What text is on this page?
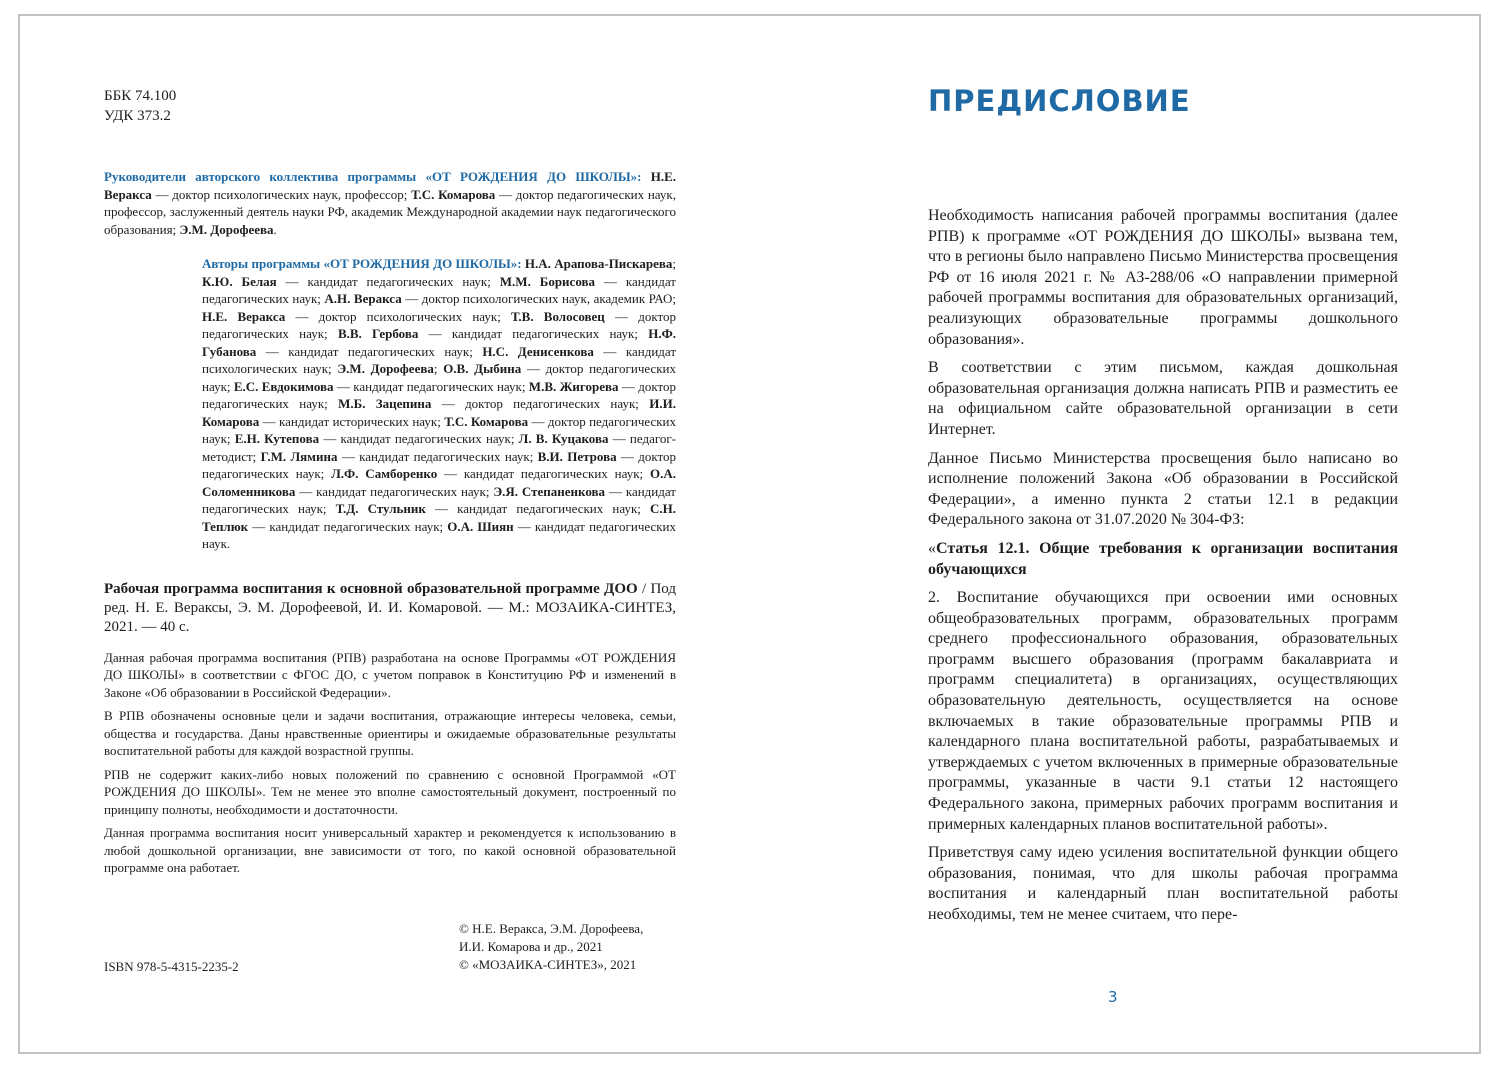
ББК 74.100
УДК 373.2
Руководители авторского коллектива программы «ОТ РОЖДЕНИЯ ДО ШКОЛЫ»: Н.Е. Веракса — доктор психологических наук, профессор; Т.С. Комарова — доктор педагогических наук, профессор, заслуженный деятель науки РФ, академик Международной академии наук педагогического образования; Э.М. Дорофеева.
Авторы программы «ОТ РОЖДЕНИЯ ДО ШКОЛЫ»: Н.А. Арапова-Пискарева; К.Ю. Белая — кандидат педагогических наук; М.М. Борисова — кандидат педагогических наук; А.Н. Веракса — доктор психологических наук, академик РАО; Н.Е. Веракса — доктор психологических наук; Т.В. Волосовец — доктор педагогических наук; В.В. Гербова — кандидат педагогических наук; Н.Ф. Губанова — кандидат педагогических наук; Н.С. Денисенкова — кандидат психологических наук; Э.М. Дорофеева; О.В. Дыбина — доктор педагогических наук; Е.С. Евдокимова — кандидат педагогических наук; М.В. Жигорева — доктор педагогических наук; М.Б. Зацепина — доктор педагогических наук; И.И. Комарова — кандидат исторических наук; Т.С. Комарова — доктор педагогических наук; Е.Н. Кутепова — кандидат педагогических наук; Л. В. Куцакова — педагог-методист; Г.М. Лямина — кандидат педагогических наук; В.И. Петрова — доктор педагогических наук; Л.Ф. Самборенко — кандидат педагогических наук; О.А. Соломенникова — кандидат педагогических наук; Э.Я. Степаненкова — кандидат педагогических наук; Т.Д. Стульник — кандидат педагогических наук; С.Н. Теплюк — кандидат педагогических наук; О.А. Шиян — кандидат педагогических наук.
Рабочая программа воспитания к основной образовательной программе ДОО / Под ред. Н. Е. Вераксы, Э. М. Дорофеевой, И. И. Комаровой. — М.: МОЗАИКА-СИНТЕЗ, 2021. — 40 с.

Данная рабочая программа воспитания (РПВ) разработана на основе Программы «ОТ РОЖДЕНИЯ ДО ШКОЛЫ» в соответствии с ФГОС ДО, с учетом поправок в Конституцию РФ и изменений в Законе «Об образовании в Российской Федерации».

В РПВ обозначены основные цели и задачи воспитания, отражающие интересы человека, семьи, общества и государства. Даны нравственные ориентиры и ожидаемые образовательные результаты воспитательной работы для каждой возрастной группы.

РПВ не содержит каких-либо новых положений по сравнению с основной Программой «ОТ РОЖДЕНИЯ ДО ШКОЛЫ». Тем не менее это вполне самостоятельный документ, построенный по принципу полноты, необходимости и достаточности.

Данная программа воспитания носит универсальный характер и рекомендуется к использованию в любой дошкольной организации, вне зависимости от того, по какой основной образовательной программе она работает.

ISBN 978-5-4315-2235-2
© Н.Е. Веракса, Э.М. Дорофеева,
И.И. Комарова и др., 2021
© «МОЗАИКА-СИНТЕЗ», 2021
ПРЕДИСЛОВИЕ

Необходимость написания рабочей программы воспитания (далее РПВ) к программе «ОТ РОЖДЕНИЯ ДО ШКОЛЫ» вызвана тем, что в регионы было направлено Письмо Министерства просвещения РФ от 16 июля 2021 г. № АЗ-288/06 «О направлении примерной рабочей программы воспитания для образовательных организаций, реализующих образовательные программы дошкольного образования».

В соответствии с этим письмом, каждая дошкольная образовательная организация должна написать РПВ и разместить ее на официальном сайте образовательной организации в сети Интернет.

Данное Письмо Министерства просвещения было написано во исполнение положений Закона «Об образовании в Российской Федерации», а именно пункта 2 статьи 12.1 в редакции Федерального закона от 31.07.2020 № 304-ФЗ:

«Статья 12.1. Общие требования к организации воспитания обучающихся

2. Воспитание обучающихся при освоении ими основных общеобразовательных программ, образовательных программ среднего профессионального образования, образовательных программ высшего образования (программ бакалавриата и программ специалитета) в организациях, осуществляющих образовательную деятельность, осуществляется на основе включаемых в такие образовательные программы РПВ и календарного плана воспитательной работы, разрабатываемых и утверждаемых с учетом включенных в примерные образовательные программы, указанные в части 9.1 статьи 12 настоящего Федерального закона, примерных рабочих программ воспитания и примерных календарных планов воспитательной работы».

Приветствуя саму идею усиления воспитательной функции общего образования, понимая, что для школы рабочая программа воспитания и календарный план воспитательной работы необходимы, тем не менее считаем, что пере-

3
